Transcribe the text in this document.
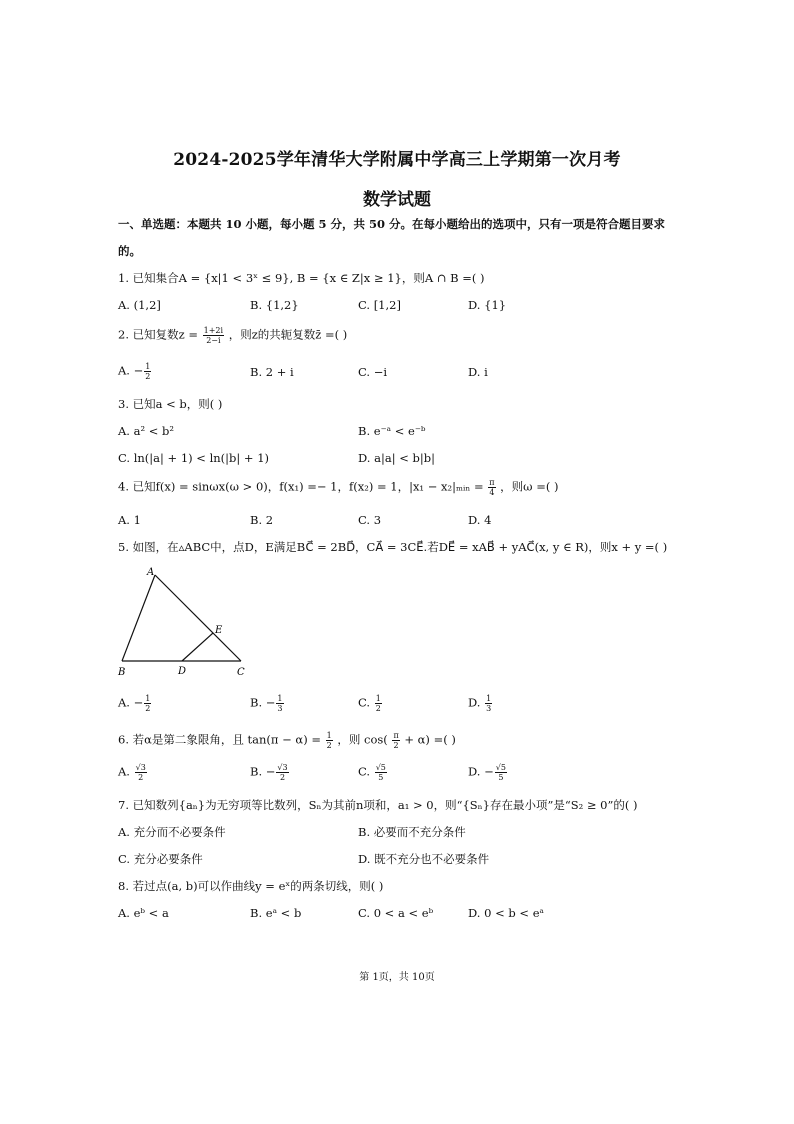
2024-2025学年清华大学附属中学高三上学期第一次月考
数学试题
一、单选题：本题共 10 小题，每小题 5 分，共 50 分。在每小题给出的选项中，只有一项是符合题目要求
的。
1. 已知集合A = {x|1 < 3ˣ ≤ 9}, B = {x ∈ Z|x ≥ 1}，则A ∩ B =( )
A. (1,2]	B. {1,2}	C. [1,2]	D. {1}
2. 已知复数$z = \frac{1+2i}{2-i}$ ，则z的共轭复数z̄ =( )
A. − $\frac{1}{2}$	B. 2 + i	C. −i	D. i
3. 已知a < b，则( )
A. a² < b²	B. e⁻ᵃ < e⁻ᵇ
C. ln(|a| + 1) < ln(|b| + 1)	D. a|a| < b|b|
4. 已知f(x) = sinωx(ω > 0)，f(x₁) =− 1，f(x₂) = 1，|x₁ − x₂|ₘᵢₙ = $\frac{\pi}{4}$ ，则ω =( )
A. 1	B. 2	C. 3	D. 4
5. 如图，在▵ABC中，点D，E满足BC⃗ = 2BD⃗，CA⃗ = 3CE⃗.若DE⃗ = xAB⃗ + yAC⃗(x, y ∈ R)，则x + y =( )
A
B	C
D
E
A. − $\frac{1}{2}$	B. − $\frac{1}{3}$	C. $\frac{1}{2}$	D. $\frac{1}{3}$
6. 若α是第二象限角，且 $\tan(\pi - \alpha) = \frac{1}{2}$ ，则 $\cos( \frac{\pi}{2} + \alpha)$ =( )
A. $\frac{√3}{2}$	B. − $\frac{√3}{2}$	C. $\frac{√5}{5}$	D. − $\frac{√5}{5}$
7. 已知数列{aₙ}为无穷项等比数列，Sₙ为其前n项和，a₁ > 0，则“{Sₙ}存在最小项”是“S₂ ≥ 0”的( )
A. 充分而不必要条件	B. 必要而不充分条件
C. 充分必要条件	D. 既不充分也不必要条件
8. 若过点(a, b)可以作曲线y = eˣ的两条切线，则( )
A. eᵇ < a	B. eᵃ < b	C. 0 < a < eᵇ	D. 0 < b < eᵃ
第 1页，共 10页
